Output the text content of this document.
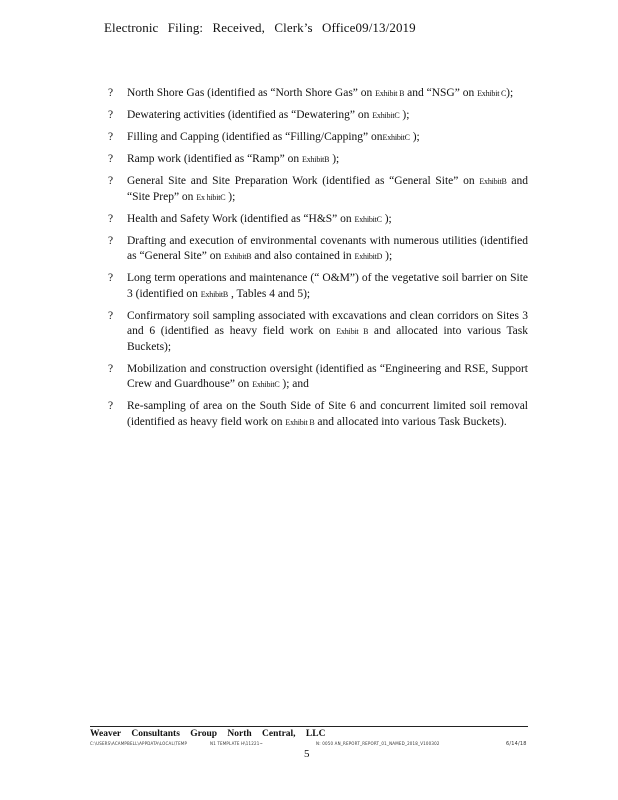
Electronic Filing: Received, Clerk’s Office09/13/2019
?	North Shore Gas (identified as “North Shore Gas” on Exhibit B and “NSG” on Exhibit C);
?	Dewatering activities (identified as “Dewatering” on ExhibitC );
?	Filling and Capping (identified as “Filling/Capping” onExhibitC );
?	Ramp work (identified as “Ramp” on ExhibitB );
?	General Site and Site Preparation Work (identified as “General Site” on ExhibitB and “Site Prep” on Ex hibitC );
?	Health and Safety Work (identified as “H&S” on ExhibitC );
?	Drafting and execution of environmental covenants with numerous utilities (identified as “General Site” on ExhibitB and also contained in ExhibitD );
?	Long term operations and maintenance (“ O&M”) of the vegetative soil barrier on Site 3 (identified on ExhibitB , Tables 4 and 5);
?	Confirmatory soil sampling associated with excavations and clean corridors on Sites 3 and 6 (identified as heavy field work on Exhibit B and allocated into various Task Buckets);
?	Mobilization and construction oversight (identified as “Engineering and RSE, Support Crew and Guardhouse” on ExhibitC ); and
?	Re-sampling of area on the South Side of Site 6 and concurrent limited soil removal (identified as heavy field work on Exhibit B and allocated into various Task Buckets).
Weaver Consultants Group North Central, LLC
C:\USERS\ACAMPBELL\APPDATA\LOCAL\TEMP	N1 TEMPLATE H\11221~	N: 0050 AN_REPORT_REPORT_01_NAMED_2018_V100302	6/14/18
5
